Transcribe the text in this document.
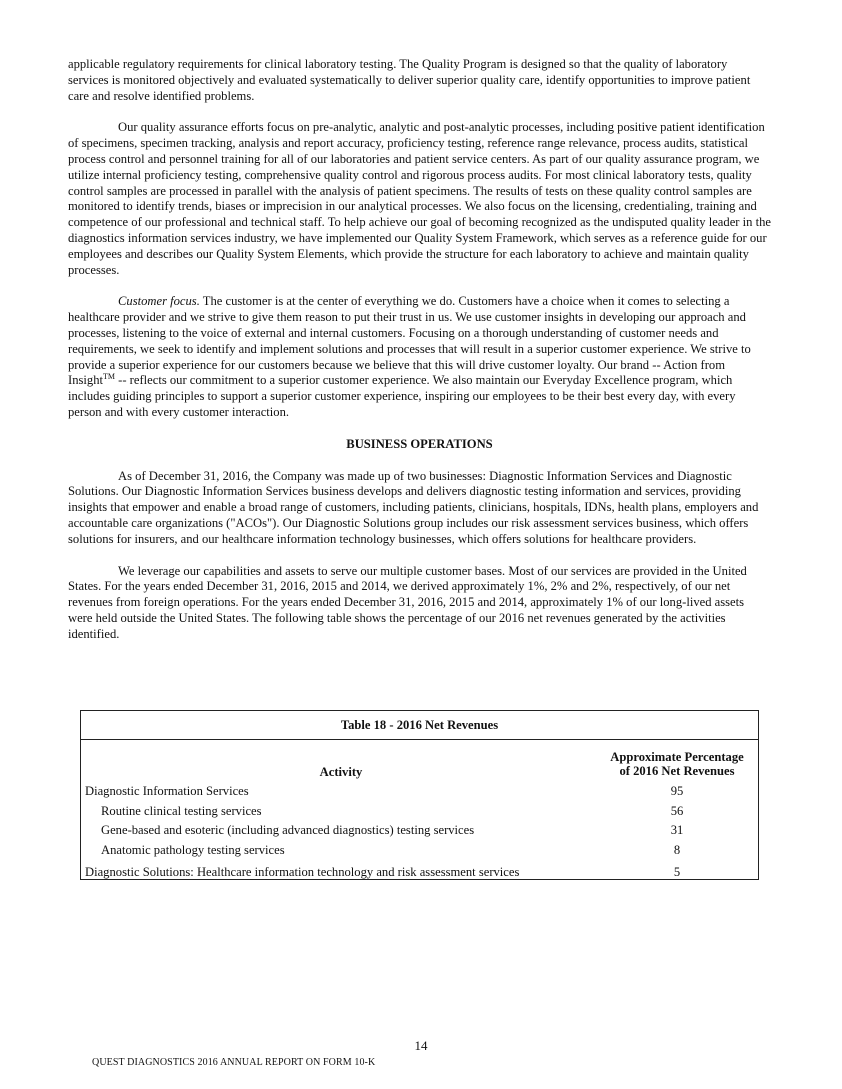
applicable regulatory requirements for clinical laboratory testing. The Quality Program is designed so that the quality of laboratory services is monitored objectively and evaluated systematically to deliver superior quality care, identify opportunities to improve patient care and resolve identified problems.

Our quality assurance efforts focus on pre-analytic, analytic and post-analytic processes, including positive patient identification of specimens, specimen tracking, analysis and report accuracy, proficiency testing, reference range relevance, process audits, statistical process control and personnel training for all of our laboratories and patient service centers. As part of our quality assurance program, we utilize internal proficiency testing, comprehensive quality control and rigorous process audits. For most clinical laboratory tests, quality control samples are processed in parallel with the analysis of patient specimens. The results of tests on these quality control samples are monitored to identify trends, biases or imprecision in our analytical processes. We also focus on the licensing, credentialing, training and competence of our professional and technical staff. To help achieve our goal of becoming recognized as the undisputed quality leader in the diagnostics information services industry, we have implemented our Quality System Framework, which serves as a reference guide for our employees and describes our Quality System Elements, which provide the structure for each laboratory to achieve and maintain quality processes.

Customer focus. The customer is at the center of everything we do. Customers have a choice when it comes to selecting a healthcare provider and we strive to give them reason to put their trust in us. We use customer insights in developing our approach and processes, listening to the voice of external and internal customers. Focusing on a thorough understanding of customer needs and requirements, we seek to identify and implement solutions and processes that will result in a superior customer experience. We strive to provide a superior experience for our customers because we believe that this will drive customer loyalty. Our brand -- Action from Insight™ -- reflects our commitment to a superior customer experience. We also maintain our Everyday Excellence program, which includes guiding principles to support a superior customer experience, inspiring our employees to be their best every day, with every person and with every customer interaction.

BUSINESS OPERATIONS

As of December 31, 2016, the Company was made up of two businesses: Diagnostic Information Services and Diagnostic Solutions. Our Diagnostic Information Services business develops and delivers diagnostic testing information and services, providing insights that empower and enable a broad range of customers, including patients, clinicians, hospitals, IDNs, health plans, employers and accountable care organizations ("ACOs"). Our Diagnostic Solutions group includes our risk assessment services business, which offers solutions for insurers, and our healthcare information technology businesses, which offers solutions for healthcare providers.

We leverage our capabilities and assets to serve our multiple customer bases. Most of our services are provided in the United States. For the years ended December 31, 2016, 2015 and 2014, we derived approximately 1%, 2% and 2%, respectively, of our net revenues from foreign operations. For the years ended December 31, 2016, 2015 and 2014, approximately 1% of our long-lived assets were held outside the United States. The following table shows the percentage of our 2016 net revenues generated by the activities identified.

Table 18 - 2016 Net Revenues
Activity
Approximate Percentage
of 2016 Net Revenues
Diagnostic Information Services	95
Routine clinical testing services	56
Gene-based and esoteric (including advanced diagnostics) testing services	31
Anatomic pathology testing services	8
Diagnostic Solutions: Healthcare information technology and risk assessment services	5
14
QUEST DIAGNOSTICS 2016 ANNUAL REPORT ON FORM 10-K
